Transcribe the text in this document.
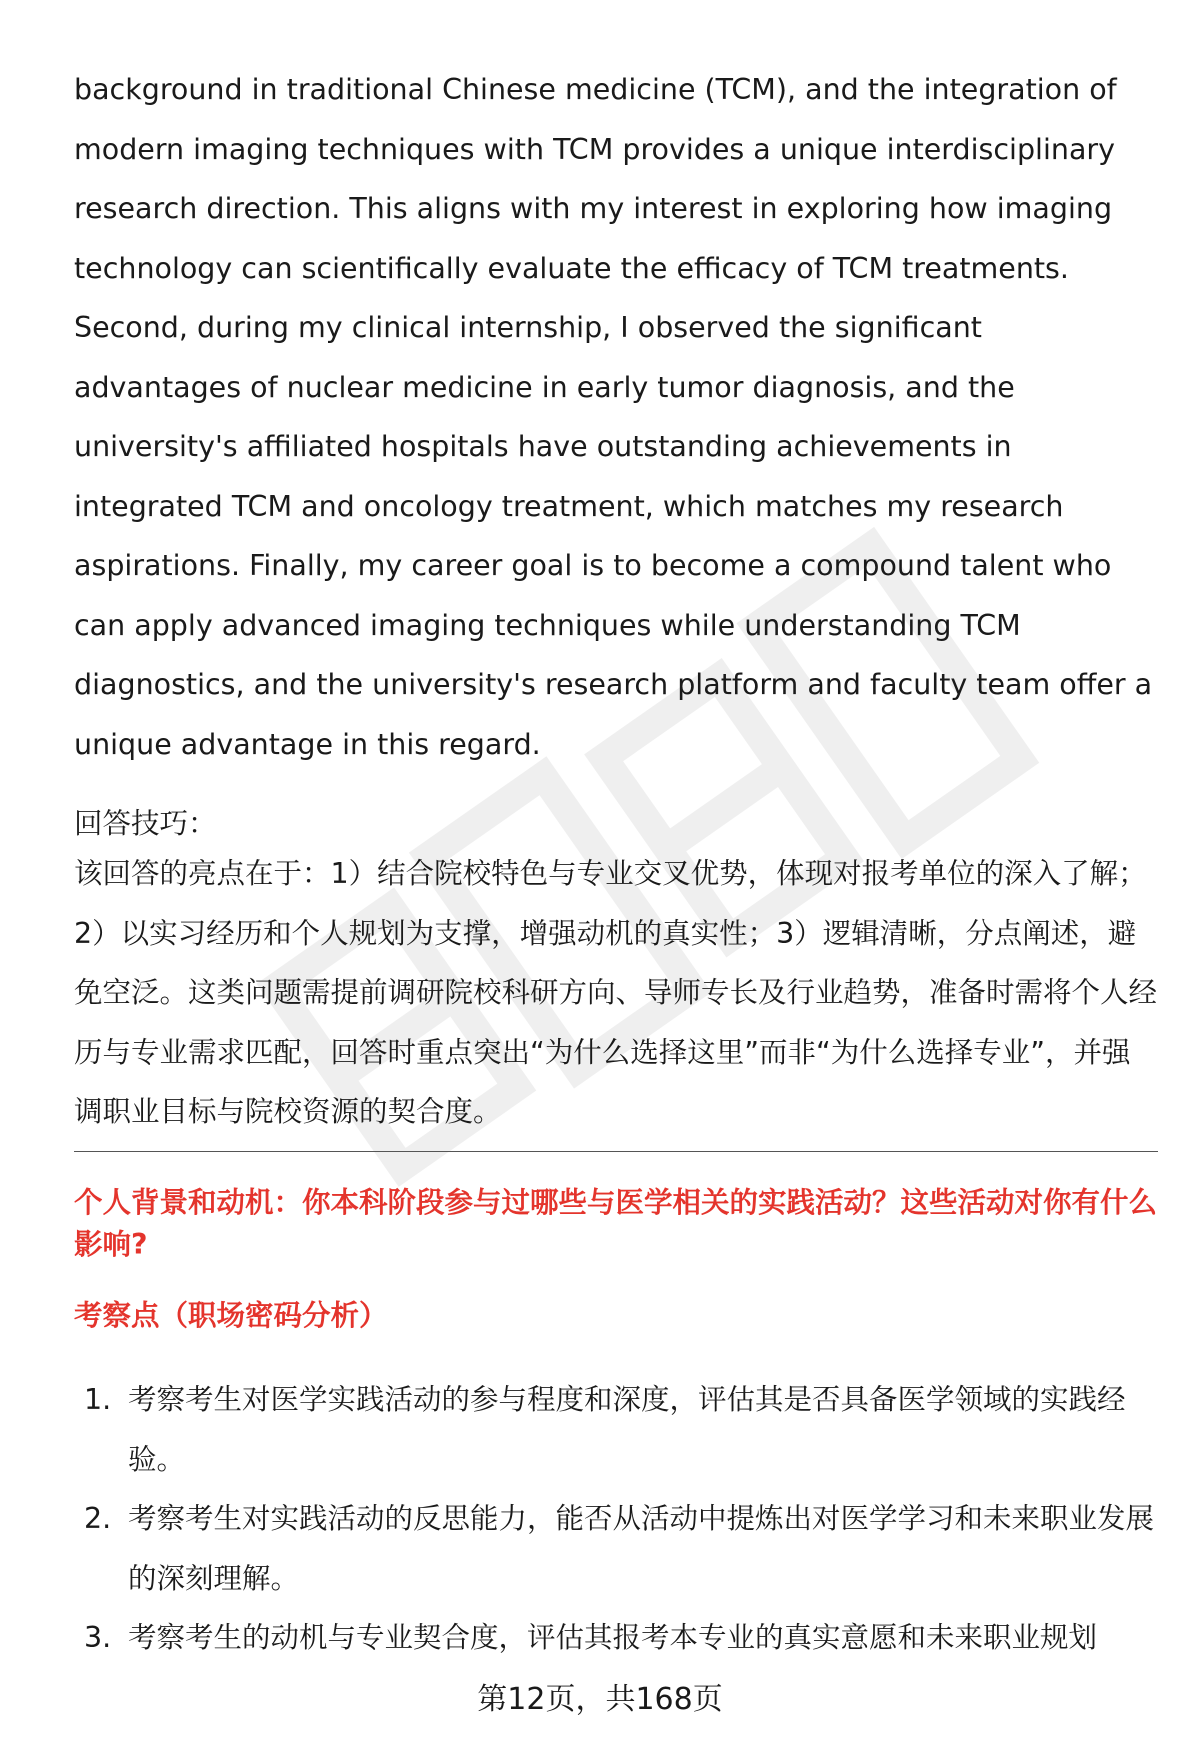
background in traditional Chinese medicine (TCM), and the integration of modern imaging techniques with TCM provides a unique interdisciplinary research direction. This aligns with my interest in exploring how imaging technology can scientifically evaluate the efficacy of TCM treatments. Second, during my clinical internship, I observed the significant advantages of nuclear medicine in early tumor diagnosis, and the university's affiliated hospitals have outstanding achievements in integrated TCM and oncology treatment, which matches my research aspirations. Finally, my career goal is to become a compound talent who can apply advanced imaging techniques while understanding TCM diagnostics, and the university's research platform and faculty team offer a unique advantage in this regard.

回答技巧：

该回答的亮点在于：1）结合院校特色与专业交叉优势，体现对报考单位的深入了解；2）以实习经历和个人规划为支撑，增强动机的真实性；3）逻辑清晰，分点阐述，避免空泛。这类问题需提前调研院校科研方向、导师专长及行业趋势，准备时需将个人经历与专业需求匹配，回答时重点突出“为什么选择这里”而非“为什么选择专业”，并强调职业目标与院校资源的契合度。

个人背景和动机：你本科阶段参与过哪些与医学相关的实践活动？这些活动对你有什么影响?

考察点（职场密码分析）

1. 考察考生对医学实践活动的参与程度和深度，评估其是否具备医学领域的实践经验。
2. 考察考生对实践活动的反思能力，能否从活动中提炼出对医学学习和未来职业发展的深刻理解。
3. 考察考生的动机与专业契合度，评估其报考本专业的真实意愿和未来职业规划
第12页，共168页
